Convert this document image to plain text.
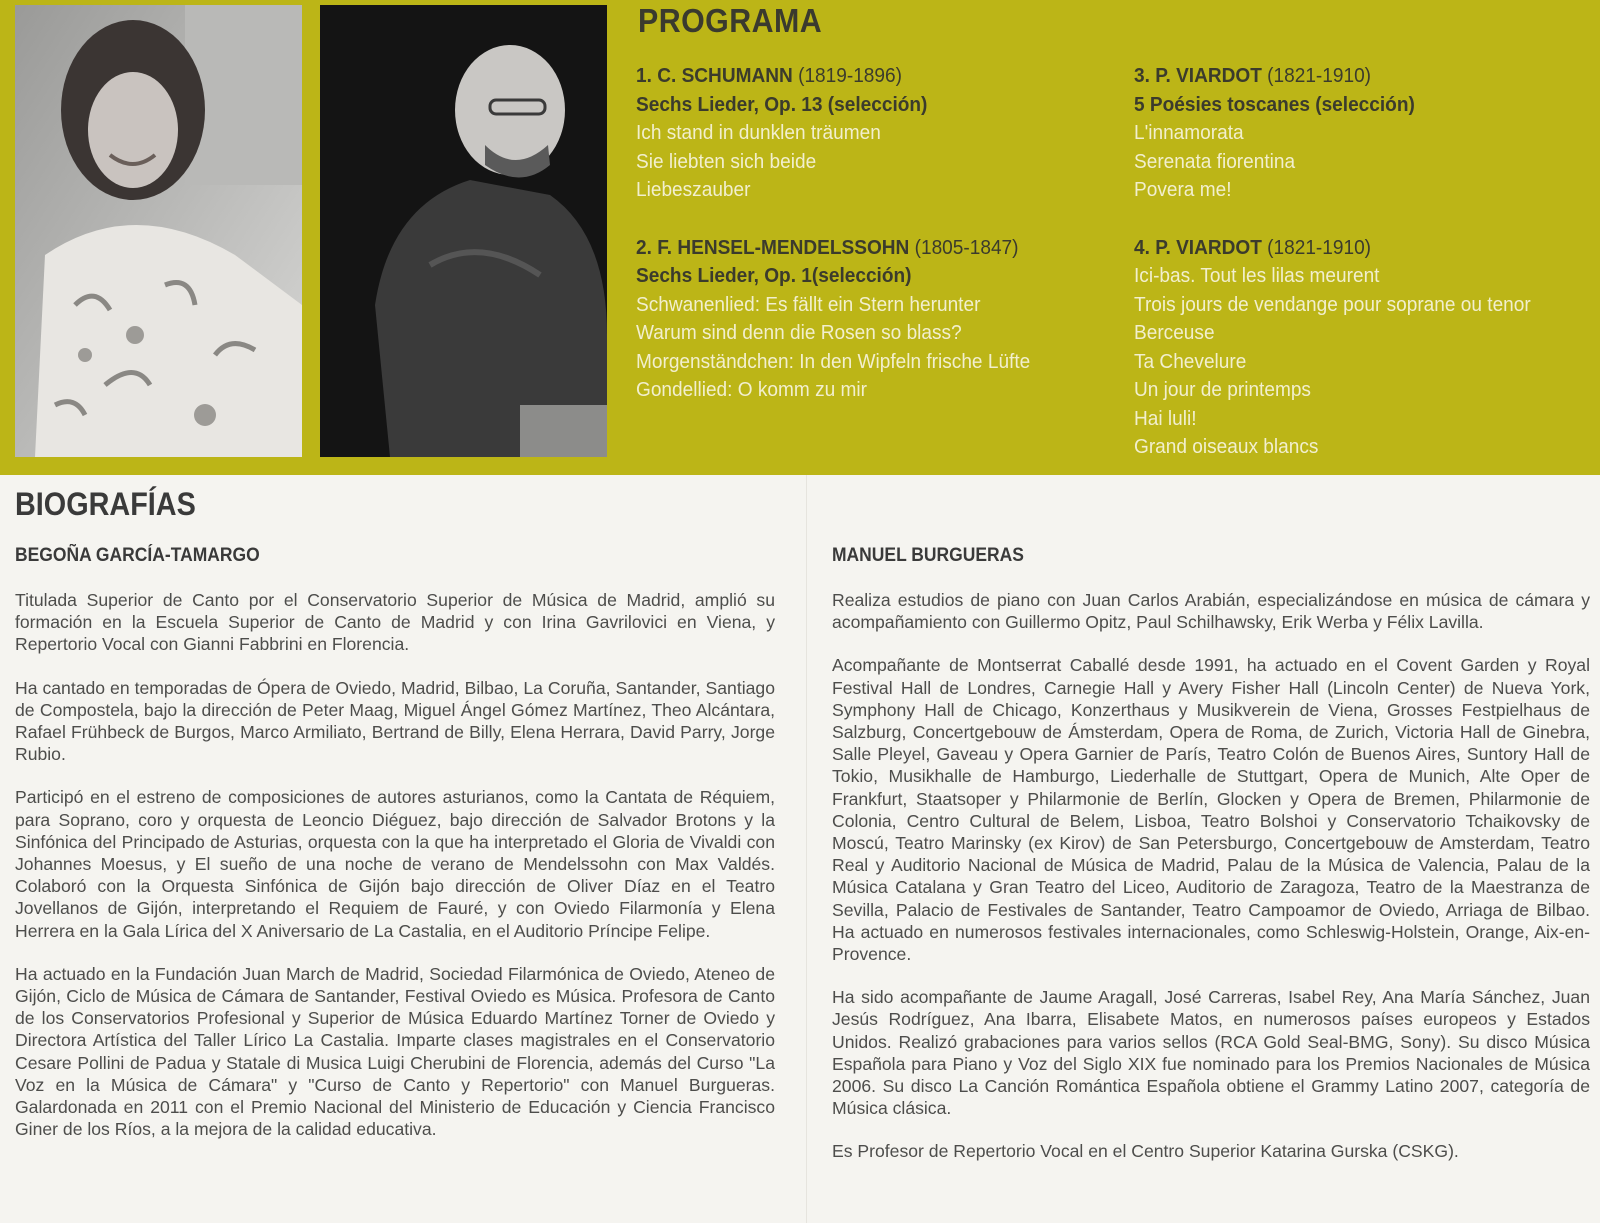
PROGRAMA
1. C. SCHUMANN (1819-1896)
Sechs Lieder, Op. 13 (selección)
Ich stand in dunklen träumen
Sie liebten sich beide
Liebeszauber
2. F. HENSEL-MENDELSSOHN (1805-1847)
Sechs Lieder, Op. 1(selección)
Schwanenlied: Es fällt ein Stern herunter
Warum sind denn die Rosen so blass?
Morgenständchen: In den Wipfeln frische Lüfte
Gondellied: O komm zu mir
3. P. VIARDOT (1821-1910)
5 Poésies toscanes (selección)
L'innamorata
Serenata fiorentina
Povera me!
4. P. VIARDOT (1821-1910)
Ici-bas. Tout les lilas meurent
Trois jours de vendange pour soprane ou tenor
Berceuse
Ta Chevelure
Un jour de printemps
Hai luli!
Grand oiseaux blancs
BIOGRAFÍAS
BEGOÑA GARCÍA-TAMARGO

Titulada Superior de Canto por el Conservatorio Superior de Música de Madrid, amplió su formación en la Escuela Superior de Canto de Madrid y con Irina Gavrilovici en Viena, y Repertorio Vocal con Gianni Fabbrini en Florencia.

Ha cantado en temporadas de Ópera de Oviedo, Madrid, Bilbao, La Coruña, Santander, Santiago de Compostela, bajo la dirección de Peter Maag, Miguel Ángel Gómez Martínez, Theo Alcántara, Rafael Frühbeck de Burgos, Marco Armiliato, Bertrand de Billy, Elena Herrara, David Parry, Jorge Rubio.

Participó en el estreno de composiciones de autores asturianos, como la Cantata de Réquiem, para Soprano, coro y orquesta de Leoncio Diéguez, bajo dirección de Salvador Brotons y la Sinfónica del Principado de Asturias, orquesta con la que ha interpretado el Gloria de Vivaldi con Johannes Moesus, y El sueño de una noche de verano de Mendelssohn con Max Valdés. Colaboró con la Orquesta Sinfónica de Gijón bajo dirección de Oliver Díaz en el Teatro Jovellanos de Gijón, interpretando el Requiem de Fauré, y con Oviedo Filarmonía y Elena Herrera en la Gala Lírica del X Aniversario de La Castalia, en el Auditorio Príncipe Felipe.

Ha actuado en la Fundación Juan March de Madrid, Sociedad Filarmónica de Oviedo, Ateneo de Gijón, Ciclo de Música de Cámara de Santander, Festival Oviedo es Música. Profesora de Canto de los Conservatorios Profesional y Superior de Música Eduardo Martínez Torner de Oviedo y Directora Artística del Taller Lírico La Castalia. Imparte clases magistrales en el Conservatorio Cesare Pollini de Padua y Statale di Musica Luigi Cherubini de Florencia, además del Curso "La Voz en la Música de Cámara" y "Curso de Canto y Repertorio" con Manuel Burgueras. Galardonada en 2011 con el Premio Nacional del Ministerio de Educación y Ciencia Francisco Giner de los Ríos, a la mejora de la calidad educativa.

MANUEL BURGUERAS

Realiza estudios de piano con Juan Carlos Arabián, especializándose en música de cámara y acompañamiento con Guillermo Opitz, Paul Schilhawsky, Erik Werba y Félix Lavilla.

Acompañante de Montserrat Caballé desde 1991, ha actuado en el Covent Garden y Royal Festival Hall de Londres, Carnegie Hall y Avery Fisher Hall (Lincoln Center) de Nueva York, Symphony Hall de Chicago, Konzerthaus y Musikverein de Viena, Grosses Festpielhaus de Salzburg, Concertgebouw de Ámsterdam, Opera de Roma, de Zurich, Victoria Hall de Ginebra, Salle Pleyel, Gaveau y Opera Garnier de París, Teatro Colón de Buenos Aires, Suntory Hall de Tokio, Musikhalle de Hamburgo, Liederhalle de Stuttgart, Opera de Munich, Alte Oper de Frankfurt, Staatsoper y Philarmonie de Berlín, Glocken y Opera de Bremen, Philarmonie de Colonia, Centro Cultural de Belem, Lisboa, Teatro Bolshoi y Conservatorio Tchaikovsky de Moscú, Teatro Marinsky (ex Kirov) de San Petersburgo, Concertgebouw de Amsterdam, Teatro Real y Auditorio Nacional de Música de Madrid, Palau de la Música de Valencia, Palau de la Música Catalana y Gran Teatro del Liceo, Auditorio de Zaragoza, Teatro de la Maestranza de Sevilla, Palacio de Festivales de Santander, Teatro Campoamor de Oviedo, Arriaga de Bilbao. Ha actuado en numerosos festivales internacionales, como Schleswig-Holstein, Orange, Aix-en-Provence.

Ha sido acompañante de Jaume Aragall, José Carreras, Isabel Rey, Ana María Sánchez, Juan Jesús Rodríguez, Ana Ibarra, Elisabete Matos, en numerosos países europeos y Estados Unidos. Realizó grabaciones para varios sellos (RCA Gold Seal-BMG, Sony). Su disco Música Española para Piano y Voz del Siglo XIX fue nominado para los Premios Nacionales de Música 2006. Su disco La Canción Romántica Española obtiene el Grammy Latino 2007, categoría de Música clásica.

Es Profesor de Repertorio Vocal en el Centro Superior Katarina Gurska (CSKG).
